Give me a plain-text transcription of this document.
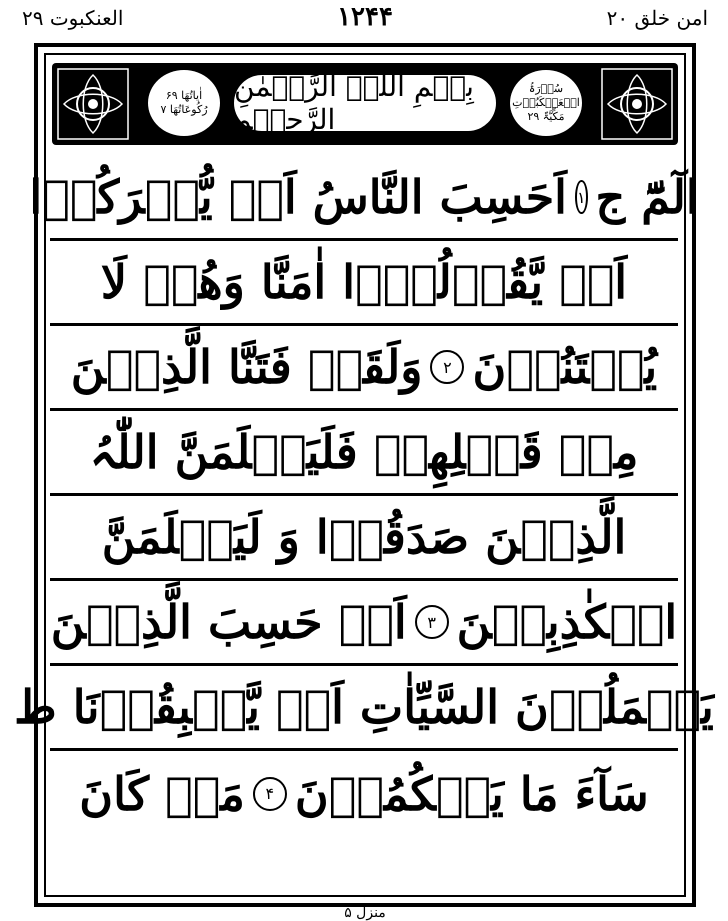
العنکبوت ۲۹	۱۲۴۴	امن خلق ۲۰
اٰیاتُھَا ۶۹
رُکُوعَاتُھَا ۷
بِسۡمِ اللّٰہِ الرَّحۡمٰنِ الرَّحِیۡمِ
سُوۡرَۃُ
الۡعَنۡکَبُوۡتِ
مَکِّیَّۃٌ ۲۹
الٓمّٓ ج
۱
اَحَسِبَ النَّاسُ اَنۡ یُّتۡرَکُوۡا
اَنۡ یَّقُوۡلُوۡۤا اٰمَنَّا وَھُمۡ لَا
یُفۡتَنُوۡنَ
۲
وَلَقَدۡ فَتَنَّا الَّذِیۡنَ
مِنۡ قَبۡلِھِمۡ فَلَیَعۡلَمَنَّ اللّٰہُ
الَّذِیۡنَ صَدَقُوۡا وَ لَیَعۡلَمَنَّ
الۡکٰذِبِیۡنَ
۳
اَمۡ حَسِبَ الَّذِیۡنَ
یَعۡمَلُوۡنَ السَّیِّاٰتِ اَنۡ یَّسۡبِقُوۡنَا ط
سَآءَ مَا یَحۡکُمُوۡنَ
۴
مَنۡ کَانَ
منزل ۵
